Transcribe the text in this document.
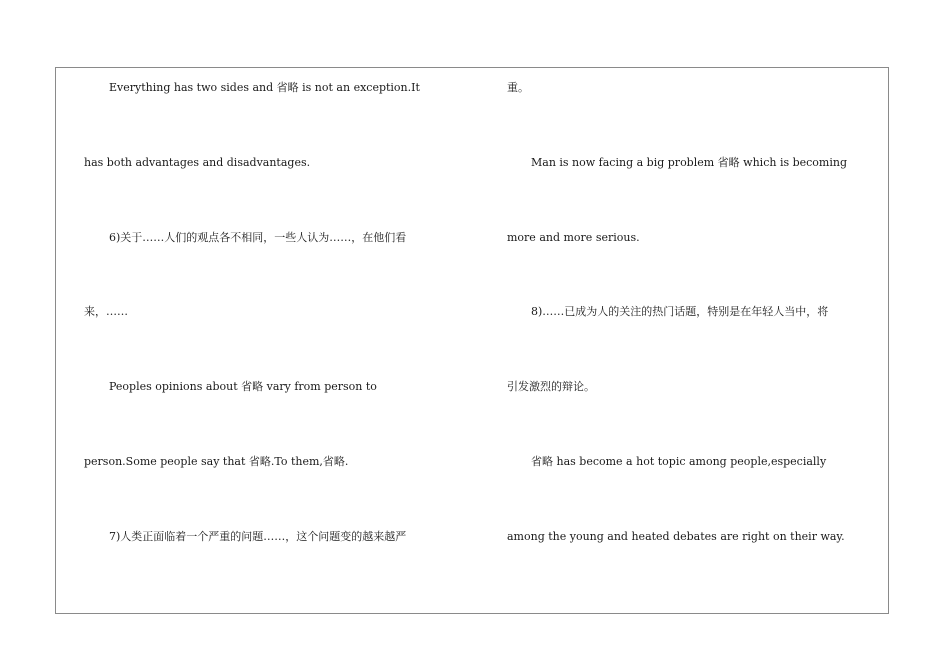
Everything has two sides and 省略 is not an exception.It
has both advantages and disadvantages.
6)关于……人们的观点各不相同，一些人认为……，在他们看
来，……
Peoples opinions about 省略 vary from person to
person.Some people say that 省略.To them,省略.
7)人类正面临着一个严重的问题……，这个问题变的越来越严
重。
Man is now facing a big problem 省略 which is becoming
more and more serious.
8)……已成为人的关注的热门话题，特别是在年轻人当中，将
引发激烈的辩论。
省略 has become a hot topic among people,especially
among the young and heated debates are right on their way.
